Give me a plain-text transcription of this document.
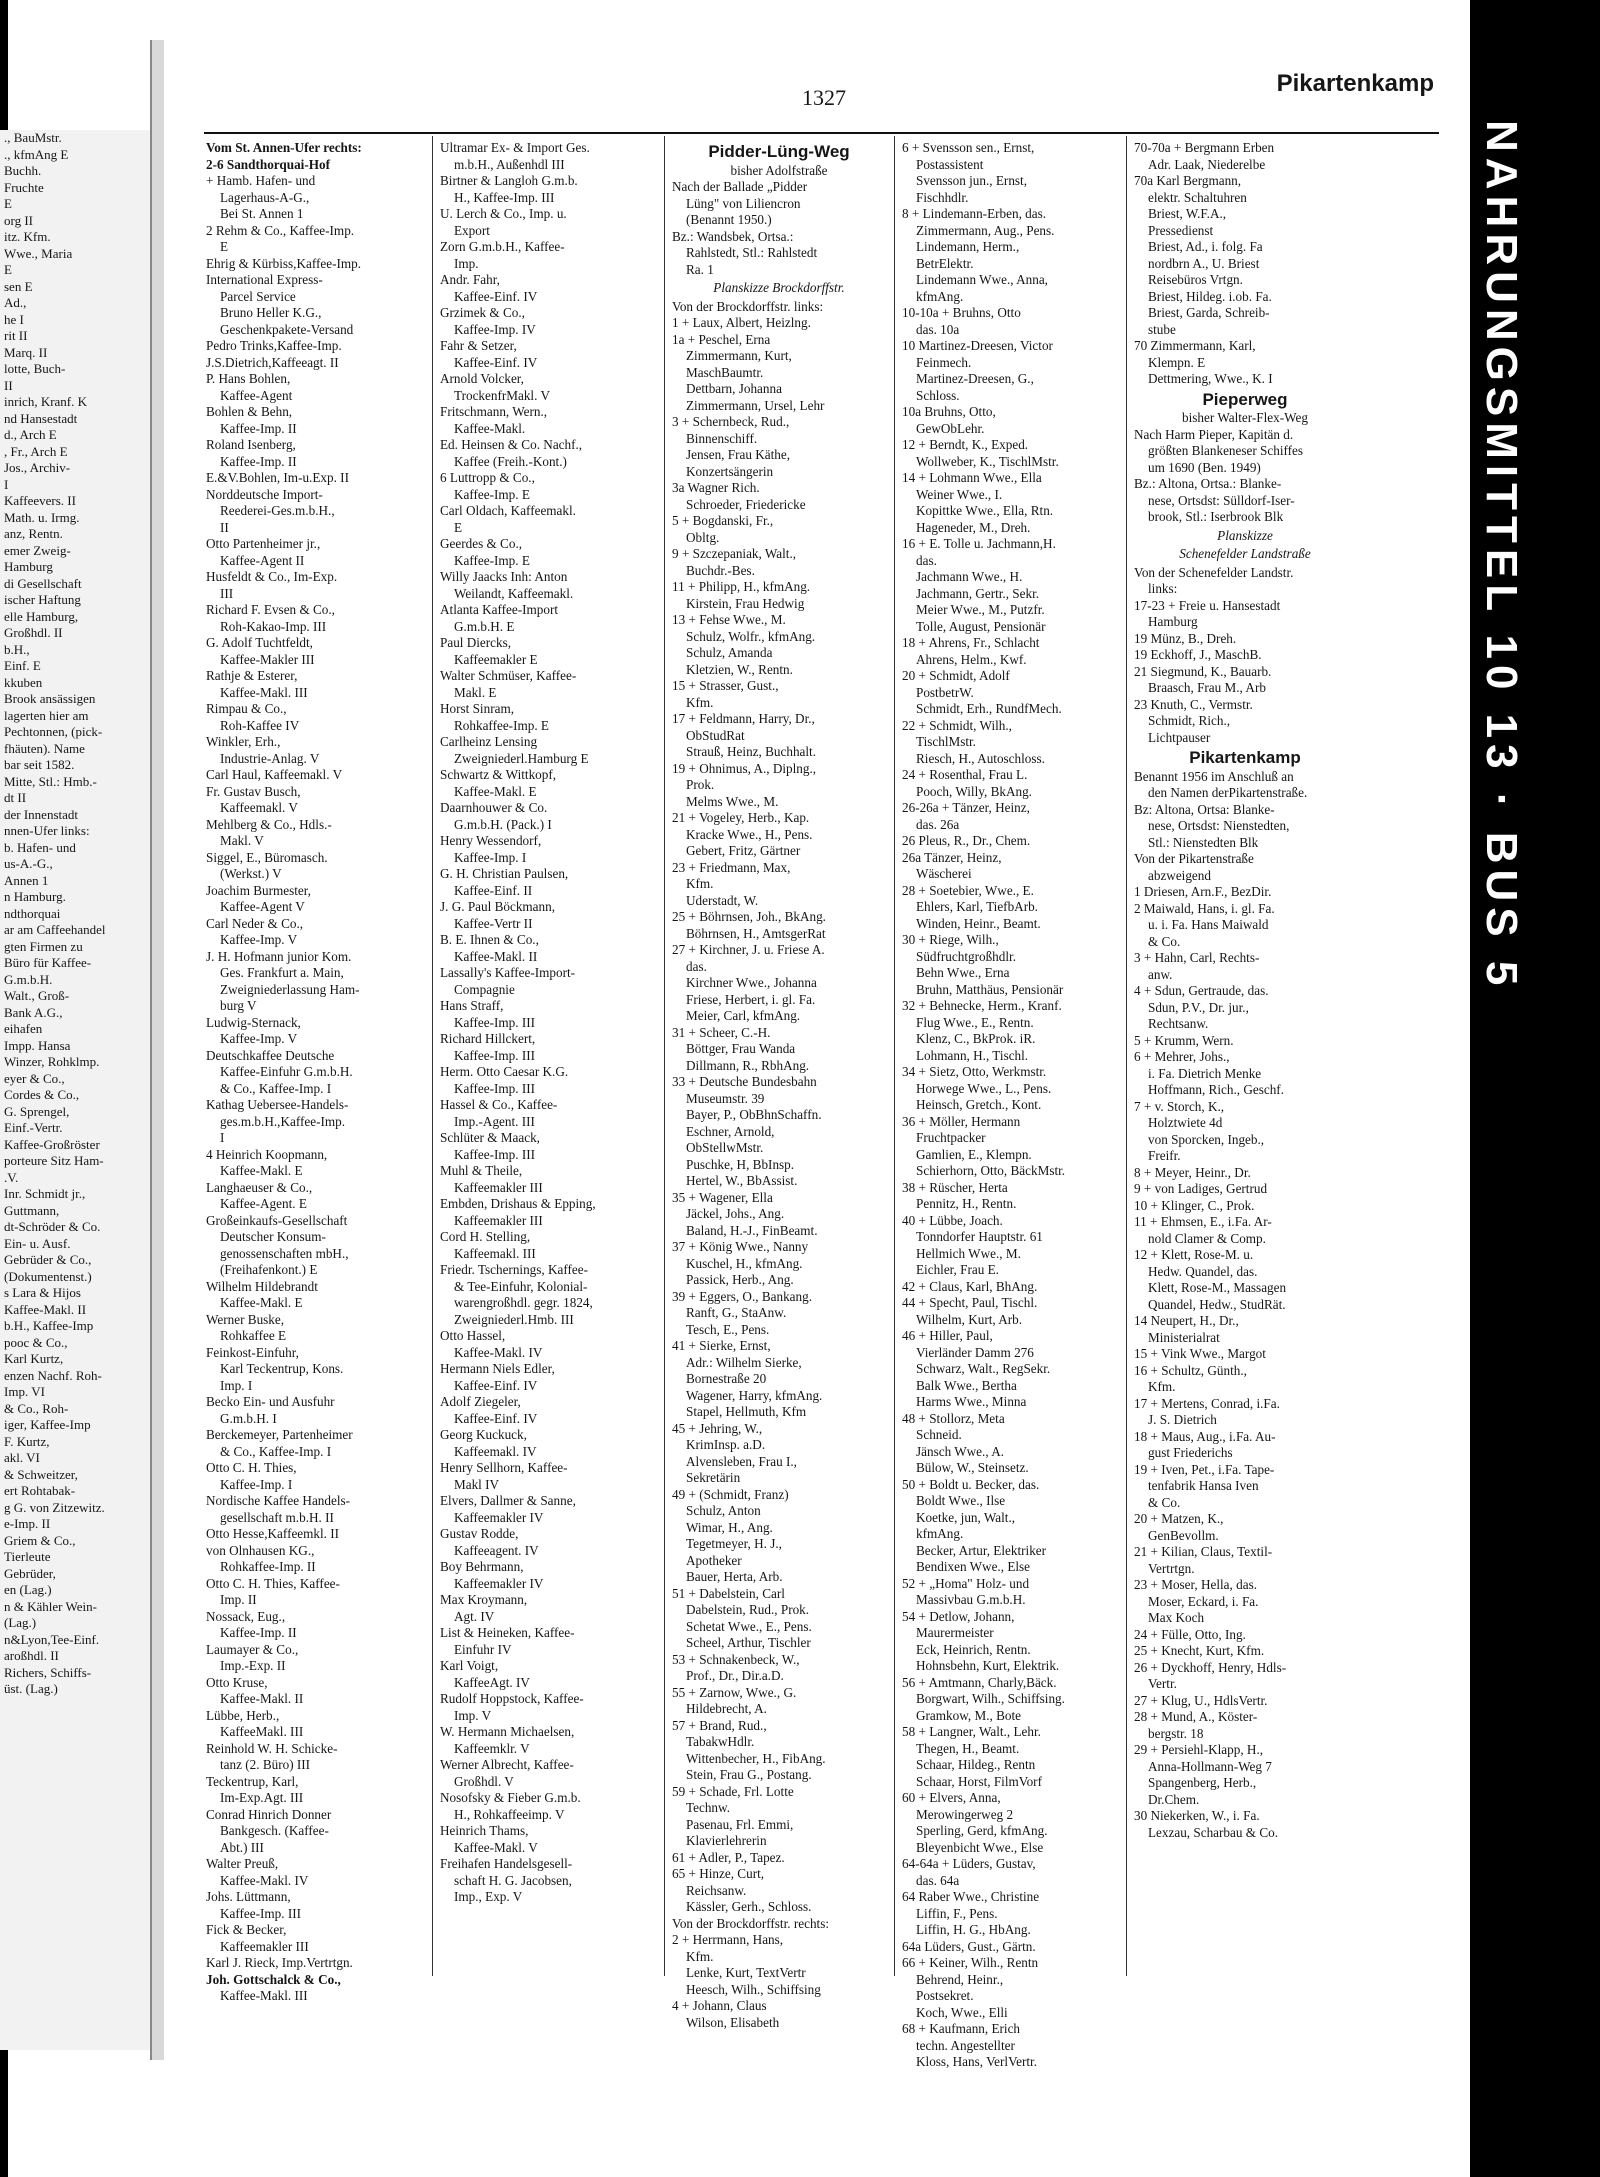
., BauMstr.
., kfmAng E
Buchh.
Fruchte
E
org II
itz. Kfm.
Wwe., Maria
E
sen E
Ad.,
he I
rit II
Marq. II
lotte, Buch-
II
inrich, Kranf. K
nd Hansestadt
d., Arch E
, Fr., Arch E
Jos., Archiv-
I
Kaffeevers. II
Math. u. Irmg.
anz, Rentn.
emer Zweig-
Hamburg
di Gesellschaft
ischer Haftung
elle Hamburg,
Großhdl. II
b.H.,
Einf. E
kkuben
Brook ansässigen
lagerten hier am
Pechtonnen, (pick-
fhäuten). Name
bar seit 1582.
Mitte, Stl.: Hmb.-
dt II
der Innenstadt
nnen-Ufer links:
b. Hafen- und
us-A.-G.,
Annen 1
n Hamburg.
ndthorquai
ar am Caffeehandel
gten Firmen zu
Büro für Kaffee-
G.m.b.H.
Walt., Groß-
Bank A.G.,
eihafen
Impp. Hansa
Winzer, Rohklmp.
eyer & Co.,
Cordes & Co.,
G. Sprengel,
Einf.-Vertr.
Kaffee-Großröster
porteure Sitz Ham-
.V.
Inr. Schmidt jr.,
Guttmann,
dt-Schröder & Co.
Ein- u. Ausf.
Gebrüder & Co.,
(Dokumentenst.)
s Lara & Hijos
Kaffee-Makl. II
b.H., Kaffee-Imp
pooc & Co.,
Karl Kurtz,
enzen Nachf. Roh-
Imp. VI
& Co., Roh-
iger, Kaffee-Imp
F. Kurtz,
akl. VI
& Schweitzer,
ert Rohtabak-
g G. von Zitzewitz.
e-Imp. II
Griem & Co.,
Tierleute
Gebrüder,
en (Lag.)
n & Kähler Wein-
(Lag.)
n&Lyon,Tee-Einf.
aroßhdl. II
Richers, Schiffs-
üst. (Lag.)
1327
Pikartenkamp
Vom St. Annen-Ufer rechts:
2-6 Sandthorquai-Hof
+ Hamb. Hafen- und
Lagerhaus-A-G.,
Bei St. Annen 1
2 Rehm & Co., Kaffee-Imp.
E
Ehrig & Kürbiss,Kaffee-Imp.
International Express-
Parcel Service
Bruno Heller K.G.,
Geschenkpakete-Versand
Pedro Trinks,Kaffee-Imp.
J.S.Dietrich,Kaffeeagt. II
P. Hans Bohlen,
Kaffee-Agent
Bohlen & Behn,
Kaffee-Imp. II
Roland Isenberg,
Kaffee-Imp. II
E.&V.Bohlen, Im-u.Exp. II
Norddeutsche Import-
Reederei-Ges.m.b.H.,
II
Otto Partenheimer jr.,
Kaffee-Agent II
Husfeldt & Co., Im-Exp.
III
Richard F. Evsen & Co.,
Roh-Kakao-Imp. III
G. Adolf Tuchtfeldt,
Kaffee-Makler III
Rathje & Esterer,
Kaffee-Makl. III
Rimpau & Co.,
Roh-Kaffee IV
Winkler, Erh.,
Industrie-Anlag. V
Carl Haul, Kaffeemakl. V
Fr. Gustav Busch,
Kaffeemakl. V
Mehlberg & Co., Hdls.-
Makl. V
Siggel, E., Büromasch.
(Werkst.) V
Joachim Burmester,
Kaffee-Agent V
Carl Neder & Co.,
Kaffee-Imp. V
J. H. Hofmann junior Kom.
Ges. Frankfurt a. Main,
Zweigniederlassung Ham-
burg V
Ludwig-Sternack,
Kaffee-Imp. V
Deutschkaffee Deutsche
Kaffee-Einfuhr G.m.b.H.
& Co., Kaffee-Imp. I
Kathag Uebersee-Handels-
ges.m.b.H.,Kaffee-Imp.
I
4 Heinrich Koopmann,
Kaffee-Makl. E
Langhaeuser & Co.,
Kaffee-Agent. E
Großeinkaufs-Gesellschaft
Deutscher Konsum-
genossenschaften mbH.,
(Freihafenkont.) E
Wilhelm Hildebrandt
Kaffee-Makl. E
Werner Buske,
Rohkaffee E
Feinkost-Einfuhr,
Karl Teckentrup, Kons.
Imp. I
Becko Ein- und Ausfuhr
G.m.b.H. I
Berckemeyer, Partenheimer
& Co., Kaffee-Imp. I
Otto C. H. Thies,
Kaffee-Imp. I
Nordische Kaffee Handels-
gesellschaft m.b.H. II
Otto Hesse,Kaffeemkl. II
von Olnhausen KG.,
Rohkaffee-Imp. II
Otto C. H. Thies, Kaffee-
Imp. II
Nossack, Eug.,
Kaffee-Imp. II
Laumayer & Co.,
Imp.-Exp. II
Otto Kruse,
Kaffee-Makl. II
Lübbe, Herb.,
KaffeeMakl. III
Reinhold W. H. Schicke-
tanz (2. Büro) III
Teckentrup, Karl,
Im-Exp.Agt. III
Conrad Hinrich Donner
Bankgesch. (Kaffee-
Abt.) III
Walter Preuß,
Kaffee-Makl. IV
Johs. Lüttmann,
Kaffee-Imp. III
Fick & Becker,
Kaffeemakler III
Karl J. Rieck, Imp.Vertrtgn.
Joh. Gottschalck & Co.,
Kaffee-Makl. III
Ultramar Ex- & Import Ges.
m.b.H., Außenhdl III
Birtner & Langloh G.m.b.
H., Kaffee-Imp. III
U. Lerch & Co., Imp. u.
Export
Zorn G.m.b.H., Kaffee-
Imp.
Andr. Fahr,
Kaffee-Einf. IV
Grzimek & Co.,
Kaffee-Imp. IV
Fahr & Setzer,
Kaffee-Einf. IV
Arnold Volcker,
TrockenfrMakl. V
Fritschmann, Wern.,
Kaffee-Makl.
Ed. Heinsen & Co. Nachf.,
Kaffee (Freih.-Kont.)
6 Luttropp & Co.,
Kaffee-Imp. E
Carl Oldach, Kaffeemakl.
E
Geerdes & Co.,
Kaffee-Imp. E
Willy Jaacks Inh: Anton
Weilandt, Kaffeemakl.
Atlanta Kaffee-Import
G.m.b.H. E
Paul Diercks,
Kaffeemakler E
Walter Schmüser, Kaffee-
Makl. E
Horst Sinram,
Rohkaffee-Imp. E
Carlheinz Lensing
Zweigniederl.Hamburg E
Schwartz & Wittkopf,
Kaffee-Makl. E
Daarnhouwer & Co.
G.m.b.H. (Pack.) I
Henry Wessendorf,
Kaffee-Imp. I
G. H. Christian Paulsen,
Kaffee-Einf. II
J. G. Paul Böckmann,
Kaffee-Vertr II
B. E. Ihnen & Co.,
Kaffee-Makl. II
Lassally's Kaffee-Import-
Compagnie
Hans Straff,
Kaffee-Imp. III
Richard Hillckert,
Kaffee-Imp. III
Herm. Otto Caesar K.G.
Kaffee-Imp. III
Hassel & Co., Kaffee-
Imp.-Agent. III
Schlüter & Maack,
Kaffee-Imp. III
Muhl & Theile,
Kaffeemakler III
Embden, Drishaus & Epping,
Kaffeemakler III
Cord H. Stelling,
Kaffeemakl. III
Friedr. Tschernings, Kaffee-
& Tee-Einfuhr, Kolonial-
warengroßhdl. gegr. 1824,
Zweigniederl.Hmb. III
Otto Hassel,
Kaffee-Makl. IV
Hermann Niels Edler,
Kaffee-Einf. IV
Adolf Ziegeler,
Kaffee-Einf. IV
Georg Kuckuck,
Kaffeemakl. IV
Henry Sellhorn, Kaffee-
Makl IV
Elvers, Dallmer & Sanne,
Kaffeemakler IV
Gustav Rodde,
Kaffeeagent. IV
Boy Behrmann,
Kaffeemakler IV
Max Kroymann,
Agt. IV
List & Heineken, Kaffee-
Einfuhr IV
Karl Voigt,
KaffeeAgt. IV
Rudolf Hoppstock, Kaffee-
Imp. V
W. Hermann Michaelsen,
Kaffeemklr. V
Werner Albrecht, Kaffee-
Großhdl. V
Nosofsky & Fieber G.m.b.
H., Rohkaffeeimp. V
Heinrich Thams,
Kaffee-Makl. V
Freihafen Handelsgesell-
schaft H. G. Jacobsen,
Imp., Exp. V
Pidder-Lüng-Weg
bisher Adolfstraße
Nach der Ballade „Pidder
Lüng" von Liliencron
(Benannt 1950.)
Bz.: Wandsbek, Ortsa.:
Rahlstedt, Stl.: Rahlstedt
Ra. 1
Planskizze Brockdorffstr.
Von der Brockdorffstr. links:
1 + Laux, Albert, Heizlng.
1a + Peschel, Erna
Zimmermann, Kurt,
MaschBaumtr.
Dettbarn, Johanna
Zimmermann, Ursel, Lehr
3 + Schernbeck, Rud.,
Binnenschiff.
Jensen, Frau Käthe,
Konzertsängerin
3a Wagner Rich.
Schroeder, Friedericke
5 + Bogdanski, Fr.,
Obltg.
9 + Szczepaniak, Walt.,
Buchdr.-Bes.
11 + Philipp, H., kfmAng.
Kirstein, Frau Hedwig
13 + Fehse Wwe., M.
Schulz, Wolfr., kfmAng.
Schulz, Amanda
Kletzien, W., Rentn.
15 + Strasser, Gust.,
Kfm.
17 + Feldmann, Harry, Dr.,
ObStudRat
Strauß, Heinz, Buchhalt.
19 + Ohnimus, A., Diplng.,
Prok.
Melms Wwe., M.
21 + Vogeley, Herb., Kap.
Kracke Wwe., H., Pens.
Gebert, Fritz, Gärtner
23 + Friedmann, Max,
Kfm.
Uderstadt, W.
25 + Böhrnsen, Joh., BkAng.
Böhrnsen, H., AmtsgerRat
27 + Kirchner, J. u. Friese A.
das.
Kirchner Wwe., Johanna
Friese, Herbert, i. gl. Fa.
Meier, Carl, kfmAng.
31 + Scheer, C.-H.
Böttger, Frau Wanda
Dillmann, R., RbhAng.
33 + Deutsche Bundesbahn
Museumstr. 39
Bayer, P., ObBhnSchaffn.
Eschner, Arnold,
ObStellwMstr.
Puschke, H, BbInsp.
Hertel, W., BbAssist.
35 + Wagener, Ella
Jäckel, Johs., Ang.
Baland, H.-J., FinBeamt.
37 + König Wwe., Nanny
Kuschel, H., kfmAng.
Passick, Herb., Ang.
39 + Eggers, O., Bankang.
Ranft, G., StaAnw.
Tesch, E., Pens.
41 + Sierke, Ernst,
Adr.: Wilhelm Sierke,
Bornestraße 20
Wagener, Harry, kfmAng.
Stapel, Hellmuth, Kfm
45 + Jehring, W.,
KrimInsp. a.D.
Alvensleben, Frau I.,
Sekretärin
49 + (Schmidt, Franz)
Schulz, Anton
Wimar, H., Ang.
Tegetmeyer, H. J.,
Apotheker
Bauer, Herta, Arb.
51 + Dabelstein, Carl
Dabelstein, Rud., Prok.
Schetat Wwe., E., Pens.
Scheel, Arthur, Tischler
53 + Schnakenbeck, W.,
Prof., Dr., Dir.a.D.
55 + Zarnow, Wwe., G.
Hildebrecht, A.
57 + Brand, Rud.,
TabakwHdlr.
Wittenbecher, H., FibAng.
Stein, Frau G., Postang.
59 + Schade, Frl. Lotte
Technw.
Pasenau, Frl. Emmi,
Klavierlehrerin
61 + Adler, P., Tapez.
65 + Hinze, Curt,
Reichsanw.
Kässler, Gerh., Schloss.
Von der Brockdorffstr. rechts:
2 + Herrmann, Hans,
Kfm.
Lenke, Kurt, TextVertr
Heesch, Wilh., Schiffsing
4 + Johann, Claus
Wilson, Elisabeth
6 + Svensson sen., Ernst,
Postassistent
Svensson jun., Ernst,
Fischhdlr.
8 + Lindemann-Erben, das.
Zimmermann, Aug., Pens.
Lindemann, Herm.,
BetrElektr.
Lindemann Wwe., Anna,
kfmAng.
10-10a + Bruhns, Otto
das. 10a
10 Martinez-Dreesen, Victor
Feinmech.
Martinez-Dreesen, G.,
Schloss.
10a Bruhns, Otto,
GewObLehr.
12 + Berndt, K., Exped.
Wollweber, K., TischlMstr.
14 + Lohmann Wwe., Ella
Weiner Wwe., I.
Kopittke Wwe., Ella, Rtn.
Hageneder, M., Dreh.
16 + E. Tolle u. Jachmann,H.
das.
Jachmann Wwe., H.
Jachmann, Gertr., Sekr.
Meier Wwe., M., Putzfr.
Tolle, August, Pensionär
18 + Ahrens, Fr., Schlacht
Ahrens, Helm., Kwf.
20 + Schmidt, Adolf
PostbetrW.
Schmidt, Erh., RundfMech.
22 + Schmidt, Wilh.,
TischlMstr.
Riesch, H., Autoschloss.
24 + Rosenthal, Frau L.
Pooch, Willy, BkAng.
26-26a + Tänzer, Heinz,
das. 26a
26 Pleus, R., Dr., Chem.
26a Tänzer, Heinz,
Wäscherei
28 + Soetebier, Wwe., E.
Ehlers, Karl, TiefbArb.
Winden, Heinr., Beamt.
30 + Riege, Wilh.,
Südfruchtgroßhdlr.
Behn Wwe., Erna
Bruhn, Matthäus, Pensionär
32 + Behnecke, Herm., Kranf.
Flug Wwe., E., Rentn.
Klenz, C., BkProk. iR.
Lohmann, H., Tischl.
34 + Sietz, Otto, Werkmstr.
Horwege Wwe., L., Pens.
Heinsch, Gretch., Kont.
36 + Möller, Hermann
Fruchtpacker
Gamlien, E., Klempn.
Schierhorn, Otto, BäckMstr.
38 + Rüscher, Herta
Pennitz, H., Rentn.
40 + Lübbe, Joach.
Tonndorfer Hauptstr. 61
Hellmich Wwe., M.
Eichler, Frau E.
42 + Claus, Karl, BhAng.
44 + Specht, Paul, Tischl.
Wilhelm, Kurt, Arb.
46 + Hiller, Paul,
Vierländer Damm 276
Schwarz, Walt., RegSekr.
Balk Wwe., Bertha
Harms Wwe., Minna
48 + Stollorz, Meta
Schneid.
Jänsch Wwe., A.
Bülow, W., Steinsetz.
50 + Boldt u. Becker, das.
Boldt Wwe., Ilse
Koetke, jun, Walt.,
kfmAng.
Becker, Artur, Elektriker
Bendixen Wwe., Else
52 + „Homa" Holz- und
Massivbau G.m.b.H.
54 + Detlow, Johann,
Maurermeister
Eck, Heinrich, Rentn.
Hohnsbehn, Kurt, Elektrik.
56 + Amtmann, Charly,Bäck.
Borgwart, Wilh., Schiffsing.
Gramkow, M., Bote
58 + Langner, Walt., Lehr.
Thegen, H., Beamt.
Schaar, Hildeg., Rentn
Schaar, Horst, FilmVorf
60 + Elvers, Anna,
Merowingerweg 2
Sperling, Gerd, kfmAng.
Bleyenbicht Wwe., Else
64-64a + Lüders, Gustav,
das. 64a
64 Raber Wwe., Christine
Liffin, F., Pens.
Liffin, H. G., HbAng.
64a Lüders, Gust., Gärtn.
66 + Keiner, Wilh., Rentn
Behrend, Heinr.,
Postsekret.
Koch, Wwe., Elli
68 + Kaufmann, Erich
techn. Angestellter
Kloss, Hans, VerlVertr.
70-70a + Bergmann Erben
Adr. Laak, Niederelbe
70a Karl Bergmann,
elektr. Schaltuhren
Briest, W.F.A.,
Pressedienst
Briest, Ad., i. folg. Fa
nordbrn A., U. Briest
Reisebüros Vrtgn.
Briest, Hildeg. i.ob. Fa.
Briest, Garda, Schreib-
stube
70 Zimmermann, Karl,
Klempn. E
Dettmering, Wwe., K. I
Pieperweg
bisher Walter-Flex-Weg
Nach Harm Pieper, Kapitän d.
größten Blankeneser Schiffes
um 1690 (Ben. 1949)
Bz.: Altona, Ortsa.: Blanke-
nese, Ortsdst: Sülldorf-Iser-
brook, Stl.: Iserbrook Blk
Planskizze
Schenefelder Landstraße
Von der Schenefelder Landstr.
links:
17-23 + Freie u. Hansestadt
Hamburg
19 Münz, B., Dreh.
19 Eckhoff, J., MaschB.
21 Siegmund, K., Bauarb.
Braasch, Frau M., Arb
23 Knuth, C., Vermstr.
Schmidt, Rich.,
Lichtpauser
Pikartenkamp
Benannt 1956 im Anschluß an
den Namen derPikartenstraße.
Bz: Altona, Ortsa: Blanke-
nese, Ortsdst: Nienstedten,
Stl.: Nienstedten Blk
Von der Pikartenstraße
abzweigend
1 Driesen, Arn.F., BezDir.
2 Maiwald, Hans, i. gl. Fa.
u. i. Fa. Hans Maiwald
& Co.
3 + Hahn, Carl, Rechts-
anw.
4 + Sdun, Gertraude, das.
Sdun, P.V., Dr. jur.,
Rechtsanw.
5 + Krumm, Wern.
6 + Mehrer, Johs.,
i. Fa. Dietrich Menke
Hoffmann, Rich., Geschf.
7 + v. Storch, K.,
Holztwiete 4d
von Sporcken, Ingeb.,
Freifr.
8 + Meyer, Heinr., Dr.
9 + von Ladiges, Gertrud
10 + Klinger, C., Prok.
11 + Ehmsen, E., i.Fa. Ar-
nold Clamer & Comp.
12 + Klett, Rose-M. u.
Hedw. Quandel, das.
Klett, Rose-M., Massagen
Quandel, Hedw., StudRät.
14 Neupert, H., Dr.,
Ministerialrat
15 + Vink Wwe., Margot
16 + Schultz, Günth.,
Kfm.
17 + Mertens, Conrad, i.Fa.
J. S. Dietrich
18 + Maus, Aug., i.Fa. Au-
gust Friederichs
19 + Iven, Pet., i.Fa. Tape-
tenfabrik Hansa Iven
& Co.
20 + Matzen, K.,
GenBevollm.
21 + Kilian, Claus, Textil-
Vertrtgn.
23 + Moser, Hella, das.
Moser, Eckard, i. Fa.
Max Koch
24 + Fülle, Otto, Ing.
25 + Knecht, Kurt, Kfm.
26 + Dyckhoff, Henry, Hdls-
Vertr.
27 + Klug, U., HdlsVertr.
28 + Mund, A., Köster-
bergstr. 18
29 + Persiehl-Klapp, H.,
Anna-Hollmann-Weg 7
Spangenberg, Herb.,
Dr.Chem.
30 Niekerken, W., i. Fa.
Lexzau, Scharbau & Co.
NAHRUNGSMITTEL 10 13 · BUS 5
